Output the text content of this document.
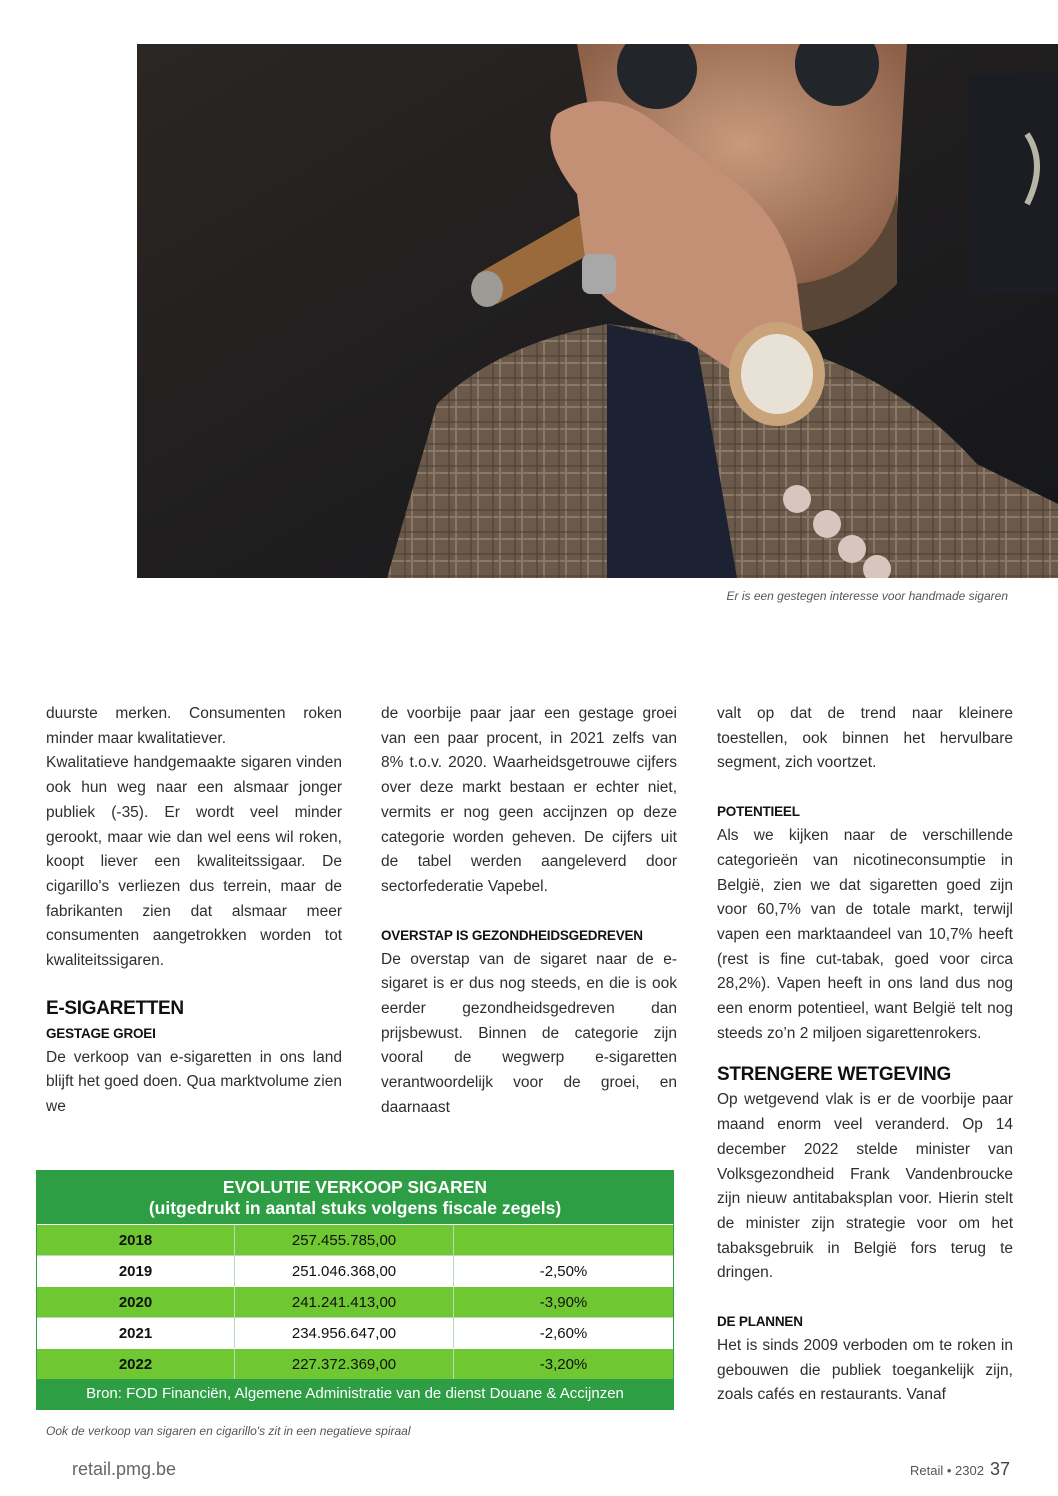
Er is een gestegen interesse voor handmade sigaren

duurste merken. Consumenten roken minder maar kwalitatiever.

Kwalitatieve handgemaakte sigaren vinden ook hun weg naar een alsmaar jonger publiek (-35). Er wordt veel minder gerookt, maar wie dan wel eens wil roken, koopt liever een kwaliteitssigaar. De cigarillo's verliezen dus terrein, maar de fabrikanten zien dat alsmaar meer consumenten aangetrokken worden tot kwaliteitssigaren.

E-SIGARETTEN
GESTAGE GROEI

De verkoop van e-sigaretten in ons land blijft het goed doen. Qua marktvolume zien we

de voorbije paar jaar een gestage groei van een paar procent, in 2021 zelfs van 8% t.o.v. 2020. Waarheidsgetrouwe cijfers over deze markt bestaan er echter niet, vermits er nog geen accijnzen op deze categorie worden geheven. De cijfers uit de tabel werden aangeleverd door sectorfederatie Vapebel.

OVERSTAP IS GEZONDHEIDSGEDREVEN

De overstap van de sigaret naar de e-sigaret is er dus nog steeds, en die is ook eerder gezondheidsgedreven dan prijsbewust. Binnen de categorie zijn vooral de wegwerp e-sigaretten verantwoordelijk voor de groei, en daarnaast

valt op dat de trend naar kleinere toestellen, ook binnen het hervulbare segment, zich voortzet.

POTENTIEEL

Als we kijken naar de verschillende categorieën van nicotineconsumptie in België, zien we dat sigaretten goed zijn voor 60,7% van de totale markt, terwijl vapen een marktaandeel van 10,7% heeft (rest is fine cut-tabak, goed voor circa 28,2%). Vapen heeft in ons land dus nog een enorm potentieel, want België telt nog steeds zo’n 2 miljoen sigarettenrokers.

STRENGERE WETGEVING

Op wetgevend vlak is er de voorbije paar maand enorm veel veranderd. Op 14 december 2022 stelde minister van Volksgezondheid Frank Vandenbroucke zijn nieuw antitabaksplan voor. Hierin stelt de minister zijn strategie voor om het tabaksgebruik in België fors terug te dringen.

DE PLANNEN

Het is sinds 2009 verboden om te roken in gebouwen die publiek toegankelijk zijn, zoals cafés en restaurants. Vanaf

EVOLUTIE VERKOOP SIGAREN
(uitgedrukt in aantal stuks volgens fiscale zegels)
2018	257.455.785,00
2019	251.046.368,00	-2,50%
2020	241.241.413,00	-3,90%
2021	234.956.647,00	-2,60%
2022	227.372.369,00	-3,20%
Bron: FOD Financiën, Algemene Administratie van de dienst Douane & Accijnzen
Ook de verkoop van sigaren en cigarillo's zit in een negatieve spiraal
retail.pmg.be	Retail • 2302 37
